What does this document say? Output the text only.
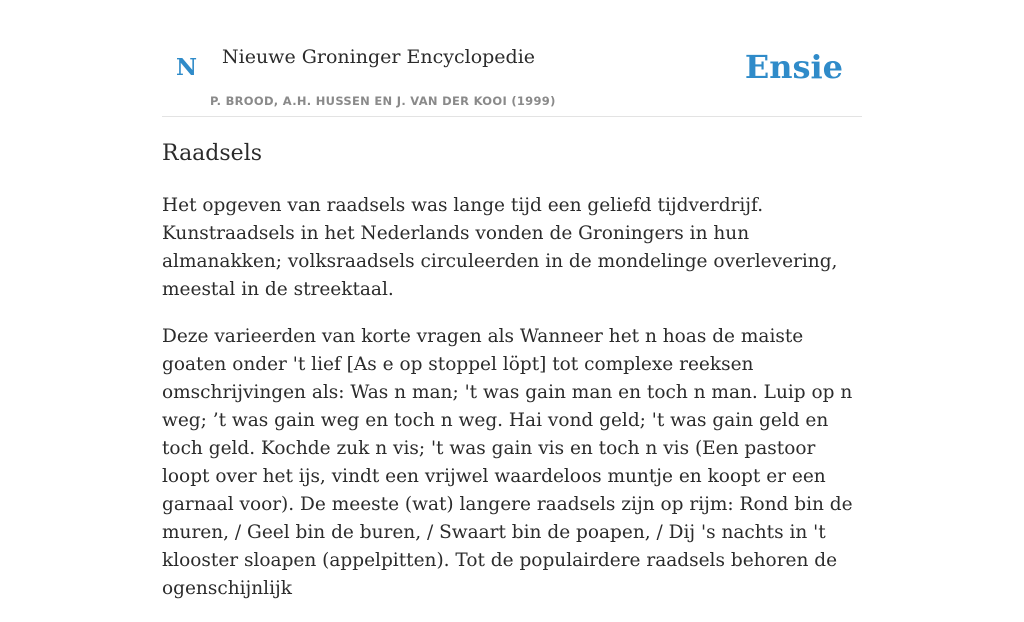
N Nieuwe Groninger Encyclopedie
P. BROOD, A.H. HUSSEN EN J. VAN DER KOOI (1999)
Ensie
Raadsels

Het opgeven van raadsels was lange tijd een geliefd tijdverdrijf. Kunstraadsels in het Nederlands vonden de Groningers in hun almanakken; volksraadsels circuleerden in de mondelinge overlevering, meestal in de streektaal.

Deze varieerden van korte vragen als Wanneer het n hoas de maiste goaten onder 't lief [As e op stoppel löpt] tot complexe reeksen omschrijvingen als: Was n man; 't was gain man en toch n man. Luip op n weg; ’t was gain weg en toch n weg. Hai vond geld; 't was gain geld en toch geld. Kochde zuk n vis; 't was gain vis en toch n vis (Een pastoor loopt over het ijs, vindt een vrijwel waardeloos muntje en koopt er een garnaal voor). De meeste (wat) langere raadsels zijn op rijm: Rond bin de muren, / Geel bin de buren, / Swaart bin de poapen, / Dij 's nachts in 't klooster sloapen (appelpitten). Tot de populairdere raadsels behoren de ogenschijnlijk
